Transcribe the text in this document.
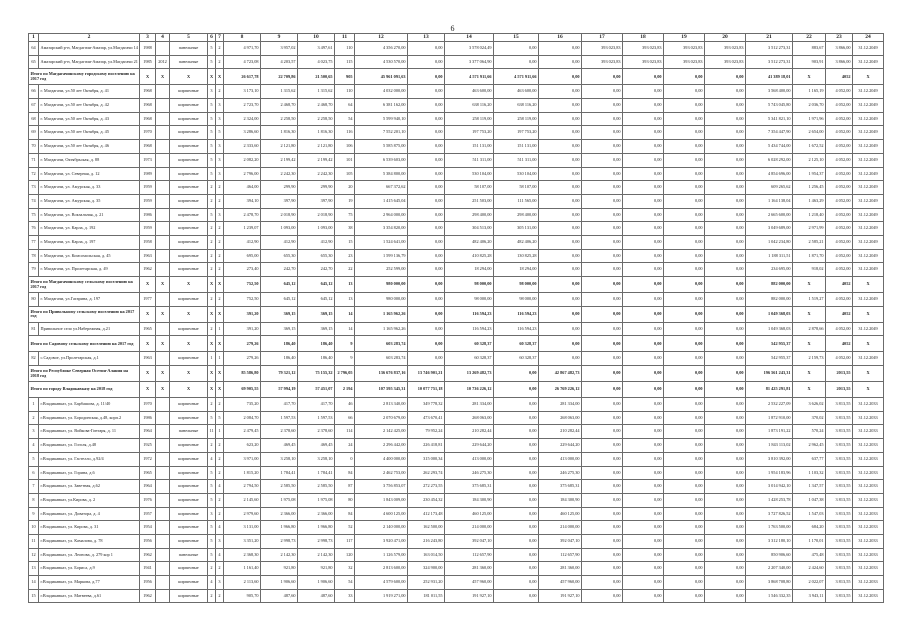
6
1	2	3	4	5	6	7	8	9	10	11	12	13	14	15	16	17	18	19	20	21	22	23	24
64	Амазарский р-н, Магдагачи-Амазар, ул.Магдагачи 14	1988		панельные	5	2	4 971,70	3 957,02	3 497,61	110	4 356 270,00	0,00	3 578 024,49	0,00	0,00	393 023,83	393 023,83	393 023,83	393 023,83	3 512 273,31	883,67	3 866,00	31.12.2049
65	Амазарский р-н, Магдагачи-Амазар, ул.Магдагачи 21	1985	2012	панельные	5	2	4 723,08	4 203,57	4 023,75	115	4 530 570,00	0,00	3 377 064,90	0,00	0,00	393 023,83	393 023,83	393 023,83	393 023,83	3 512 273,31	903,91	3 866,00	31.12.2049
Итого по Магдагачинскому городскому поселению на 2017 год		X	X	X	X	X	26 617,78	22 709,86	21 500,65	905	45 961 091,63	0,00	4 571 911,66	4 571 911,66	0,00	0,00	0,00	0,00	0,00	41 389 18,01	X	4052	X
66	г. Магдагачи, ул.50 лет Октября, д. 41	1968		кирпичные	3	2	3 173,10	1 315,62	1 315,62	110	4 032 000,00	0,00	463 600,00	463 600,00	0,00	0,00	0,00	0,00	0,00	3 568 400,00	1 165,19	4 052,00	31.12.2049
67	г. Магдагачи, ул.50 лет Октября, д. 42	1968		кирпичные	5	3	2 723,70	2 468,70	2 468,70	64	6 381 162,00	0,00	638 116,20	638 116,20	0,00	0,00	0,00	0,00	0,00	5 743 045,80	2 036,70	4 052,00	31.12.2049
68	г. Магдагачи, ул.50 лет Октября, д. 43	1968		кирпичные	5	3	2 324,00	2 258,50	2 258,50	54	5 599 940,10	0,00	258 119,00	258 119,00	0,00	0,00	0,00	0,00	0,00	5 341 821,10	1 971,96	4 052,00	31.12.2049
69	г. Магдагачи, ул.50 лет Октября, д. 45	1970		кирпичные	5	5	3 286,60	1 816,30	1 816,30	116	7 552 201,10	0,00	197 753,20	197 753,20	0,00	0,00	0,00	0,00	0,00	7 354 447,90	2 654,00	4 052,00	31.12.2049
70	г. Магдагачи, ул.50 лет Октября, д. 46	1968		кирпичные	5	3	2 333,60	2 121,80	2 121,80	106	5 585 875,00	0,00	151 131,00	151 131,00	0,00	0,00	0,00	0,00	0,00	5 434 744,00	1 672,52	4 052,00	31.12.2049
71	г. Магдагачи, Октябрьская, д. 88	1973		кирпичные	5	3	2 082,20	2 199,42	2 199,42	101	6 539 603,00	0,00	511 311,00	511 311,00	0,00	0,00	0,00	0,00	0,00	6 028 292,00	2 125,10	4 052,00	31.12.2049
72	г. Магдагачи, ул. Северная, д. 12	1989		кирпичные	5	3	2 796,00	2 242,30	2 242,30	105	5 384 800,00	0,00	530 104,00	530 104,00	0,00	0,00	0,00	0,00	0,00	4 854 696,00	1 954,37	4 052,00	31.12.2049
73	г. Магдагачи, ул. Амурская, д. 33	1959		кирпичные	2	2	464,00	299,90	299,90	20	667 372,62	0,00	58 107,00	58 107,00	0,00	0,00	0,00	0,00	0,00	609 265,62	1 256,45	4 052,00	31.12.2049
74	г. Магдагачи, ул. Амурская, д. 35	1959		кирпичные	2	2	394,10	397,90	397,90	19	1 415 645,04	0,00	251 503,00	111 565,00	0,00	0,00	0,00	0,00	0,00	1 164 138,04	1 463,29	4 052,00	31.12.2049
75	г. Магдагачи, ул. Вокзальная, д. 21	1986		кирпичные	5	3	2 478,70	2 018,90	2 018,90	75	2 964 000,00	0,00	298 400,00	298 400,00	0,00	0,00	0,00	0,00	0,00	2 665 600,00	1 218,40	4 052,00	31.12.2049
76	г. Магдагачи, ул. Карла, д. 192	1959		кирпичные	2	2	1 239,07	1 093,00	1 093,00	38	3 354 820,00	0,00	304 513,00	305 131,00	0,00	0,00	0,00	0,00	0,00	3 049 689,00	2 971,99	4 052,00	31.12.2049
77	г. Магдагачи, ул. Карла, д. 197	1958		кирпичные	2	2	412,90	412,90	412,90	15	1 524 641,00	0,00	482 406,20	482 406,20	0,00	0,00	0,00	0,00	0,00	1 042 234,80	2 585,21	4 052,00	31.12.2049
78	г. Магдагачи, ул. Комсомольская, д. 45	1963		кирпичные	2	2	695,00	655,30	655,30	23	1 599 136,79	0,00	410 825,28	130 825,28	0,00	0,00	0,00	0,00	0,00	1 188 311,51	1 871,70	4 052,00	31.12.2049
79	г. Магдагачи, ул. Пролетарская, д. 49	1962		кирпичные	2	2	273,40	242,70	242,70	22	252 599,00	0,00	18 294,00	18 294,00	0,00	0,00	0,00	0,00	0,00	234 695,00	918,02	4 052,00	31.12.2049
Итого по Магдагачинскому сельскому поселению на 2017 год		X	X	X	X	X	752,50	645,12	645,12	13	980 000,00	0,00	98 000,00	98 000,00	0,00	0,00	0,00	0,00	0,00	882 000,00	X	4052	X
80	г. Магдагачи, ул.Гагарина, д. 197	1977		кирпичные	2	2	752,50	645,12	645,12	13	980 000,00	0,00	98 000,00	98 000,00	0,00	0,00	0,00	0,00	0,00	882 000,00	1 519,27	4 052,00	31.12.2049
Итого по Привольному сельскому поселению на 2017 год		X	X	X	X	X	391,20	369,15	369,15	14	1 165 962,26	0,00	116 594,23	116 594,23	0,00	0,00	0,00	0,00	0,00	1 049 368,03	X	4052	X
81	Привольное село ул.Набережная, д.21	1965		кирпичные	2	1	391,20	369,15	369,15	14	1 165 962,26	0,00	116 594,23	116 594,23	0,00	0,00	0,00	0,00	0,00	1 049 368,03	2 878,66	4 052,00	31.12.2049
Итого по Садовому сельскому поселению на 2017 год		X	X	X	X	X	279,26	186,40	186,40	9	603 283,74	0,00	60 328,37	60 328,37	0,00	0,00	0,00	0,00	0,00	542 955,37	X	4052	X
82	с.Садовое, ул.Пролетарская, д.1	1963		кирпичные	1	1	279,26	186,40	186,40	9	603 283,74	0,00	60 328,37	60 328,37	0,00	0,00	0,00	0,00	0,00	542 955,37	2 159,73	4 052,00	31.12.2049
Итого по Республике Северная Осетия-Алания на 2018 год		X	X	X	X	X	85 586,80	79 321,12	75 155,32	2 796,05	136 676 837,16	13 746 901,21	13 269 482,73	0,00	42 867 482,73	0,00	0,00	0,00	0,00	196 561 243,31	X	2013,55	X
Итого по городу Владикавказу на 2018 год		X	X	X	X	X	69 905,55	57 994,19	57 451,07	2 194	107 595 345,31	10 077 751,18	10 736 226,12	0,00	26 769 226,12	0,00	0,00	0,00	0,00	81 425 291,81	X	2013,55	X
1	г.Владикавказ, ул. Барбашова, д. 11/40	1970		кирпичные	2	2	735,20	417,70	417,70	46	2 813 340,00	349 778,32	281 334,00	0,00	281 334,00	0,00	0,00	0,00	0,00	2 532 227,09	3 626,02	3 813,55	31.12.2033
2	г.Владикавказ, ул. Бородинская, д.48, корп.2	1986		кирпичные	5	5	2 084,70	1 597,53	1 597,53	66	2 070 679,00	473 670,41	268 063,00	0,00	268 063,00	0,00	0,00	0,00	0,00	1 872 910,00	370,02	3 813,55	31.12.2033
3	г.Владикавказ, ул. Войкова-Гонтаря, д. 11	1964		панельные	11	1	2 479,45	2 378,60	2 378,60	114	2 142 425,00	79 952,24	210 282,44	0,00	210 282,44	0,00	0,00	0,00	0,00	1 873 191,22	570,24	3 813,55	31.12.2033
4	г.Владикавказ, ул. Гоголя, д.48	1925		кирпичные	2	2	623,20	469,45	469,45	24	2 296 442,00	226 418,81	229 644,20	0,00	229 644,20	0,00	0,00	0,00	0,00	1 843 113,02	2 962,45	3 813,55	31.12.2033
5	г.Владикавказ, ул. Гастелло, д.92/4	1972		кирпичные	4	2	3 971,00	3 258,10	3 258,10	0	4 400 000,00	315 000,34	413 000,00	0,00	413 000,00	0,00	0,00	0,00	0,00	3 810 392,00	637,77	3 813,55	31.12.2033
6	г.Владикавказ, ул. Горина, д.6	1965		кирпичные	5	2	1 815,20	1 784,41	1 784,41	84	2 462 753,00	262 293,74	246 275,30	0,00	246 275,30	0,00	0,00	0,00	0,00	1 954 183,96	1 103,32	3 813,55	31.12.2033
7	г.Владикавказ, ул. Заветная, д.62	1964		кирпичные	5	4	2 794,50	2 585,50	2 585,50	87	3 756 853,07	272 273,55	375 685,31	0,00	375 685,31	0,00	0,00	0,00	0,00	3 014 942,10	1 347,57	3 813,55	31.12.2033
8	г.Владикавказ, ул.Кирова, д. 2	1976		кирпичные	5	2	2 145,60	1 975,08	1 975,08	80	1 843 009,00	230 454,32	184 300,90	0,00	184 300,90	0,00	0,00	0,00	0,00	1 428 253,78	1 047,38	3 813,55	31.12.2033
9	г.Владикавказ, ул. Доватора, д. 4	1957		кирпичные	3	2	2 979,60	2 366,00	2 366,00	84	4 600 125,00	412 173,48	460 125,00	0,00	460 125,00	0,00	0,00	0,00	0,00	3 727 826,52	1 547,03	3 813,55	31.12.2033
10	г.Владикавказ, ул. Кирова, д. 31	1954		кирпичные	5	4	3 131,00	1 966,80	1 966,80	52	2 140 000,00	162 500,00	214 000,00	0,00	214 000,00	0,00	0,00	0,00	0,00	1 763 500,00	684,20	3 813,55	31.12.2033
11	г.Владикавказ, ул. Камалова, д. 78	1956		кирпичные	5	3	3 351,20	2 998,73	2 998,73	117	3 920 471,00	216 243,80	392 047,10	0,00	392 047,10	0,00	0,00	0,00	0,00	3 312 180,10	1 170,01	3 813,55	31.12.2033
12	г.Владикавказ, ул. Леонова, д. 279 кор 1	1962		панельные	5	4	2 368,30	2 142,30	2 142,30	120	1 126 579,00	163 014,50	112 657,90	0,00	112 657,90	0,00	0,00	0,00	0,00	850 906,60	475,48	3 813,55	31.12.2033
13	г.Владикавказ, ул. Бориса, д.9	1941		кирпичные	2	2	1 161,40	921,80	921,80	32	2 813 600,00	324 900,00	281 360,00	0,00	281 360,00	0,00	0,00	0,00	0,00	2 207 340,00	2 424,60	3 813,55	31.12.2033
14	г.Владикавказ, ул. Маркова, д.77	1956		кирпичные	4	3	2 113,60	1 906,60	1 906,60	54	4 579 600,00	252 931,20	457 960,00	0,00	457 960,00	0,00	0,00	0,00	0,00	3 868 708,80	2 022,07	3 813,55	31.12.2033
15	г.Владикавказ, ул. Матвеева, д.61	1962		кирпичные	2	2	905,70	487,60	487,60	33	1 919 271,00	181 011,55	191 927,10	0,00	191 927,10	0,00	0,00	0,00	0,00	1 546 332,35	3 943,11	3 813,55	31.12.2033
